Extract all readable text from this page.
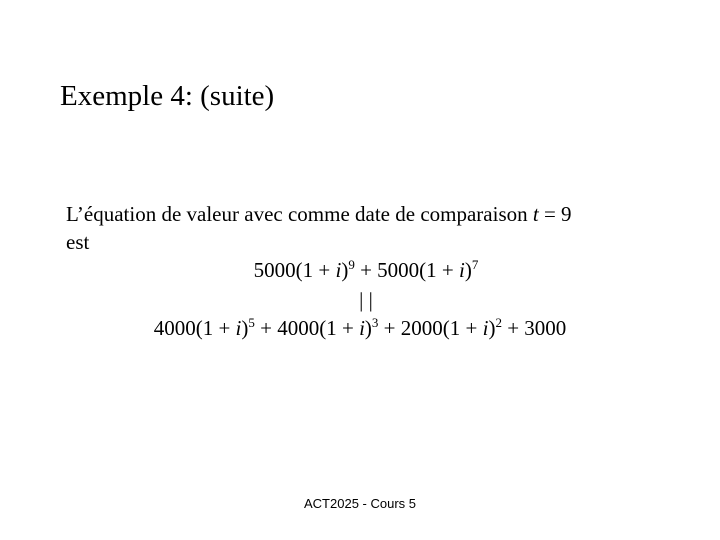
Exemple 4: (suite)
L’équation de valeur avec comme date de comparaison t = 9
est
$5000(1 + i)^9 + 5000(1 + i)^7$
| |
$4000(1 + i)^5 + 4000(1 + i)^3 + 2000(1 + i)^2 + 3000$
ACT2025 - Cours 5
